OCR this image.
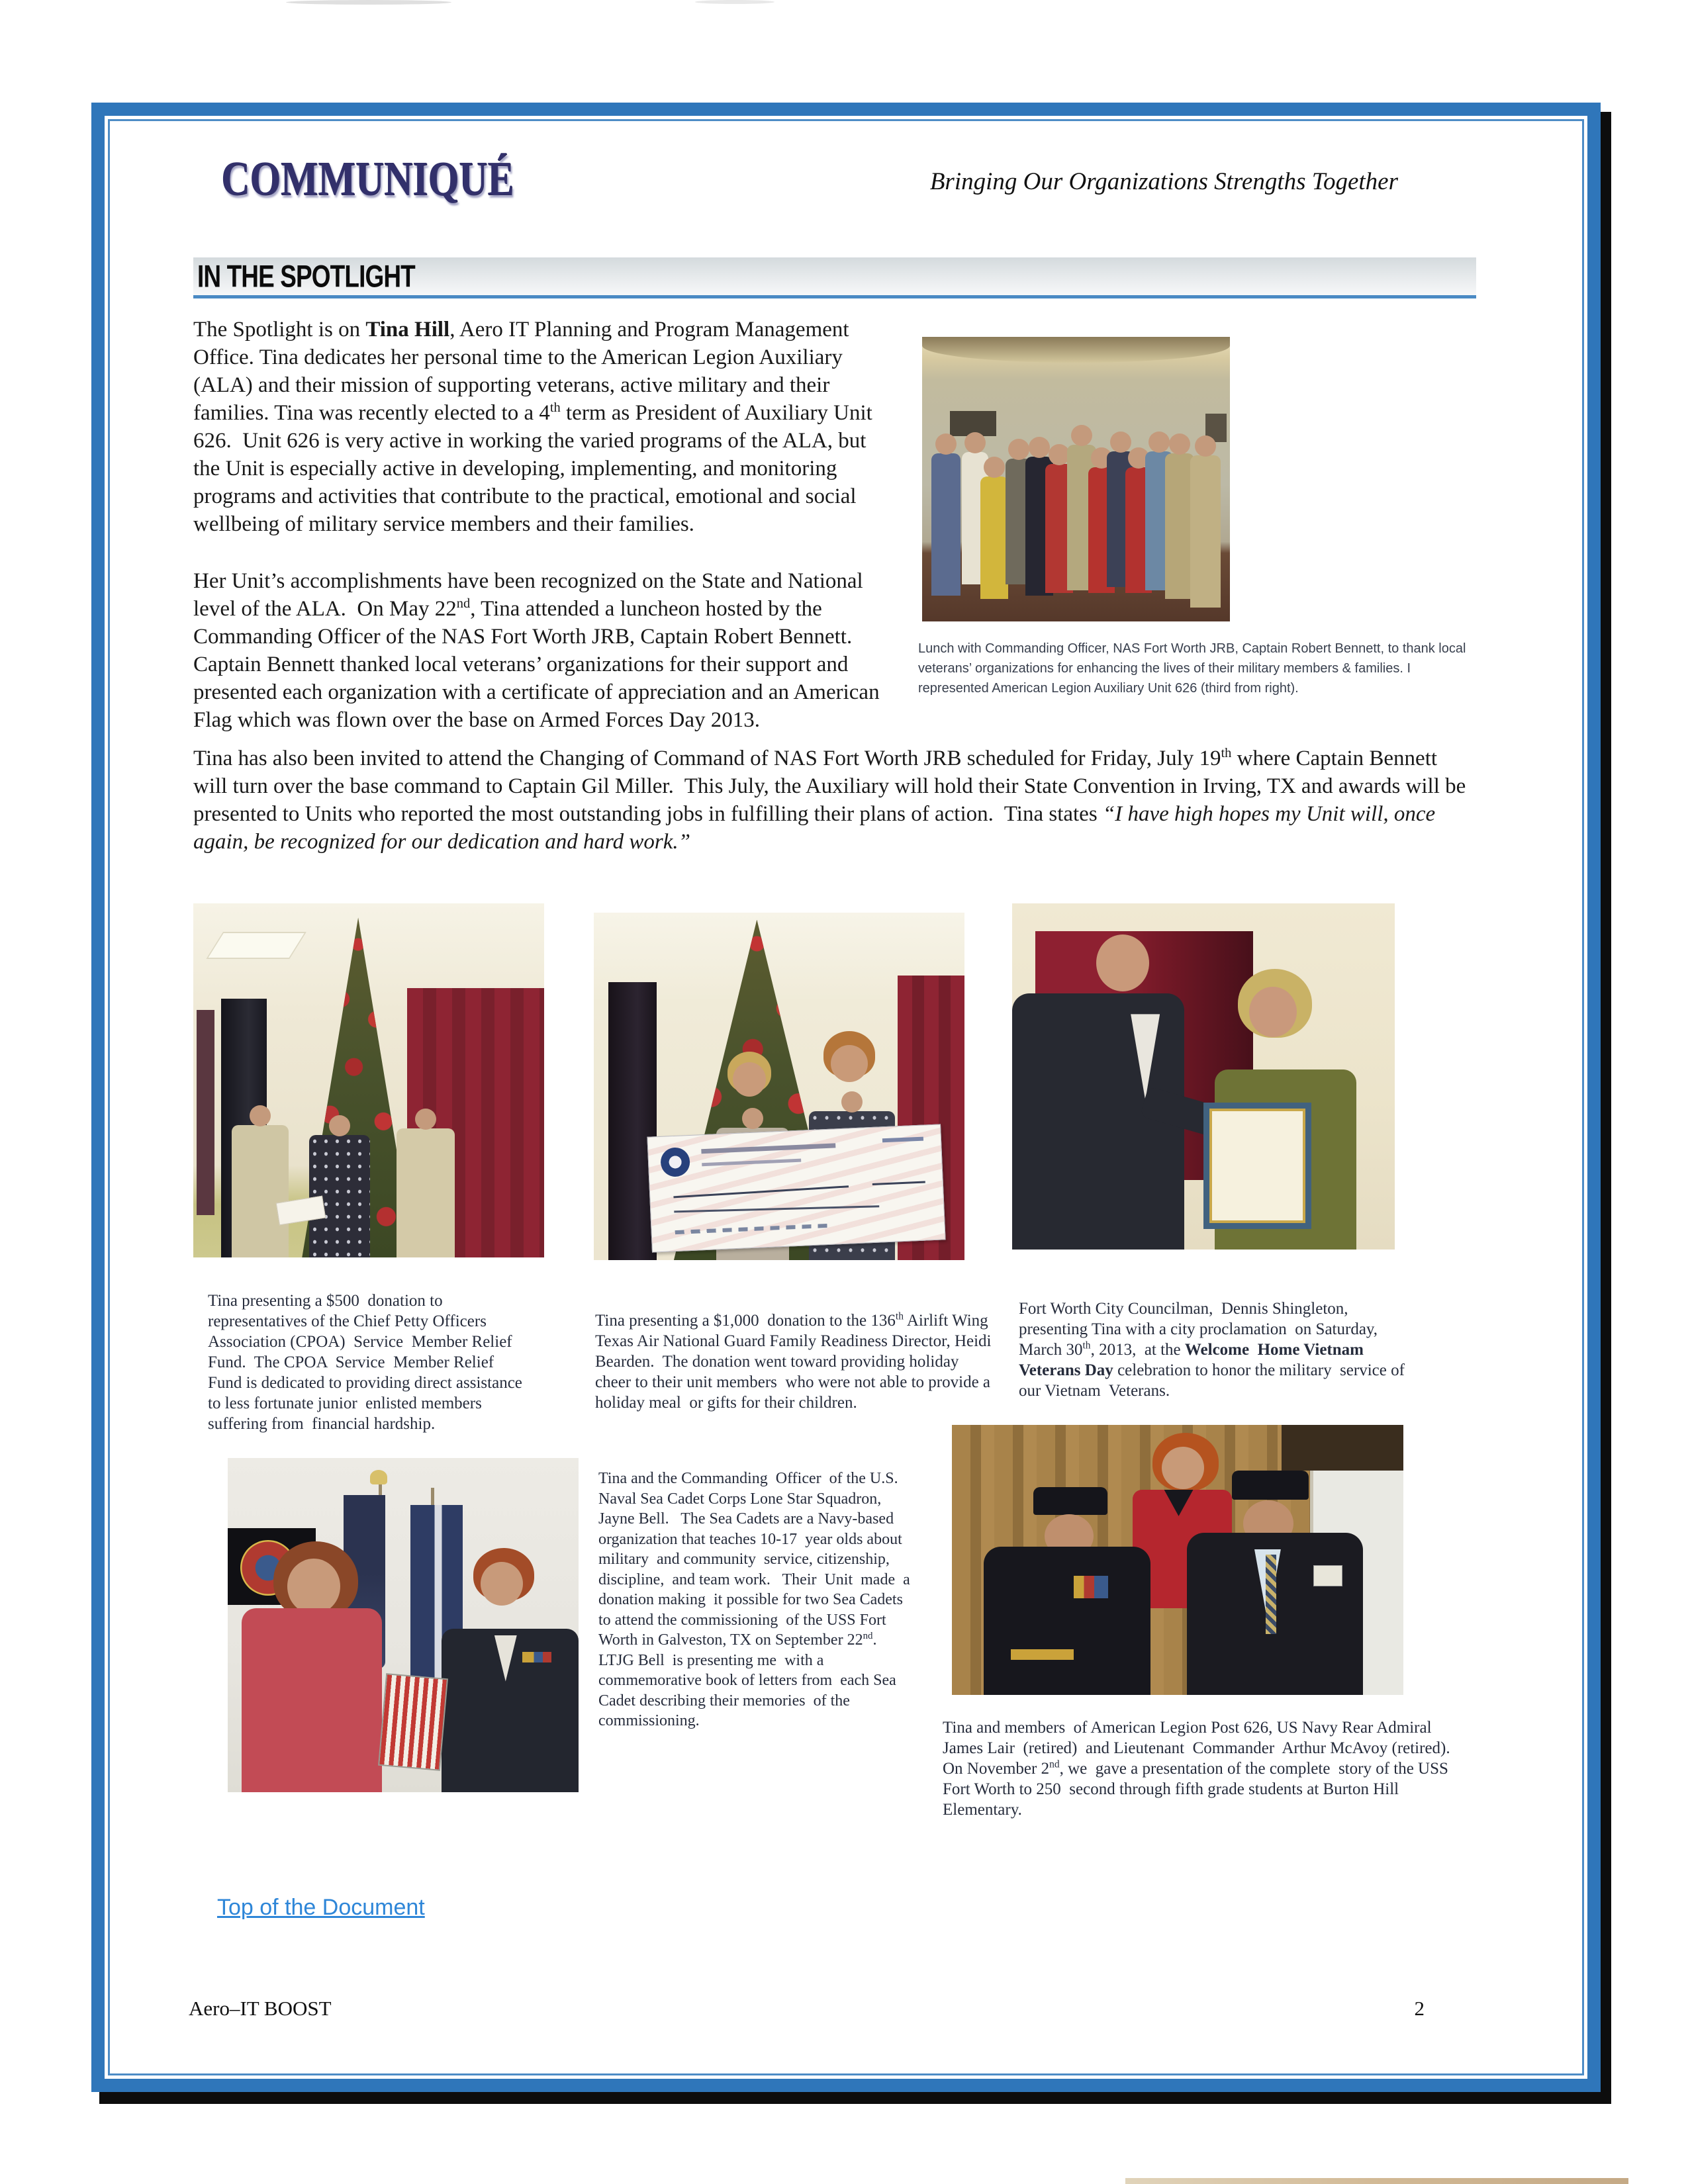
COMMUNIQUÉ	Bringing Our Organizations Strengths Together
IN THE SPOTLIGHT
Lunch with Commanding Officer, NAS Fort Worth JRB, Captain Robert Bennett, to thank local veterans’ organizations for enhancing the lives of their military members & families. I represented American Legion Auxiliary Unit 626 (third from right).

The Spotlight is on Tina Hill, Aero IT Planning and Program Management Office. Tina dedicates her personal time to the American Legion Auxiliary (ALA) and their mission of supporting veterans, active military and their families. Tina was recently elected to a 4th term as President of Auxiliary Unit 626.  Unit 626 is very active in working the varied programs of the ALA, but the Unit is especially active in developing, implementing, and monitoring programs and activities that contribute to the practical, emotional and social wellbeing of military service members and their families.

Her Unit’s accomplishments have been recognized on the State and National level of the ALA.  On May 22nd, Tina attended a luncheon hosted by the Commanding Officer of the NAS Fort Worth JRB, Captain Robert Bennett.  Captain Bennett thanked local veterans’ organizations for their support and presented each organization with a certificate of appreciation and an American Flag which was flown over the base on Armed Forces Day 2013.

Tina has also been invited to attend the Changing of Command of NAS Fort Worth JRB scheduled for Friday, July 19th where Captain Bennett will turn over the base command to Captain Gil Miller.  This July, the Auxiliary will hold their State Convention in Irving, TX and awards will be presented to Units who reported the most outstanding jobs in fulfilling their plans of action.  Tina states “I have high hopes my Unit will, once again, be recognized for our dedication and hard work.”

Tina presenting a $500  donation to representatives of the Chief Petty Officers Association (CPOA)  Service  Member Relief Fund.  The CPOA  Service  Member Relief Fund is dedicated to providing direct assistance to less fortunate junior  enlisted members  suffering from  financial hardship.
Tina presenting a $1,000  donation to the 136th Airlift Wing Texas Air National Guard Family Readiness Director, Heidi Bearden.  The donation went toward providing holiday cheer to their unit members  who were not able to provide a holiday meal  or gifts for their children.
Fort Worth City Councilman,  Dennis Shingleton, presenting Tina with a city proclamation  on Saturday, March 30th, 2013,  at the Welcome  Home Vietnam  Veterans Day celebration to honor the military  service of our Vietnam  Veterans.
Tina and the Commanding  Officer  of the U.S. Naval Sea Cadet Corps Lone Star Squadron, Jayne Bell.   The Sea Cadets are a Navy-based organization that teaches 10-17  year olds about military  and community  service, citizenship,  discipline,  and team work.   Their  Unit  made  a donation making  it possible for two Sea Cadets to attend the commissioning  of the USS Fort Worth in Galveston, TX on September 22nd.  LTJG Bell  is presenting me  with a commemorative book of letters from  each Sea Cadet describing their memories  of the commissioning.	Tina and members  of American Legion Post 626, US Navy Rear Admiral  James Lair  (retired)  and Lieutenant  Commander  Arthur McAvoy (retired).   On November 2nd, we  gave a presentation of the complete  story of the USS  Fort Worth to 250  second through fifth grade students at Burton Hill  Elementary.
Top of the Document
Aero–IT BOOST	2
